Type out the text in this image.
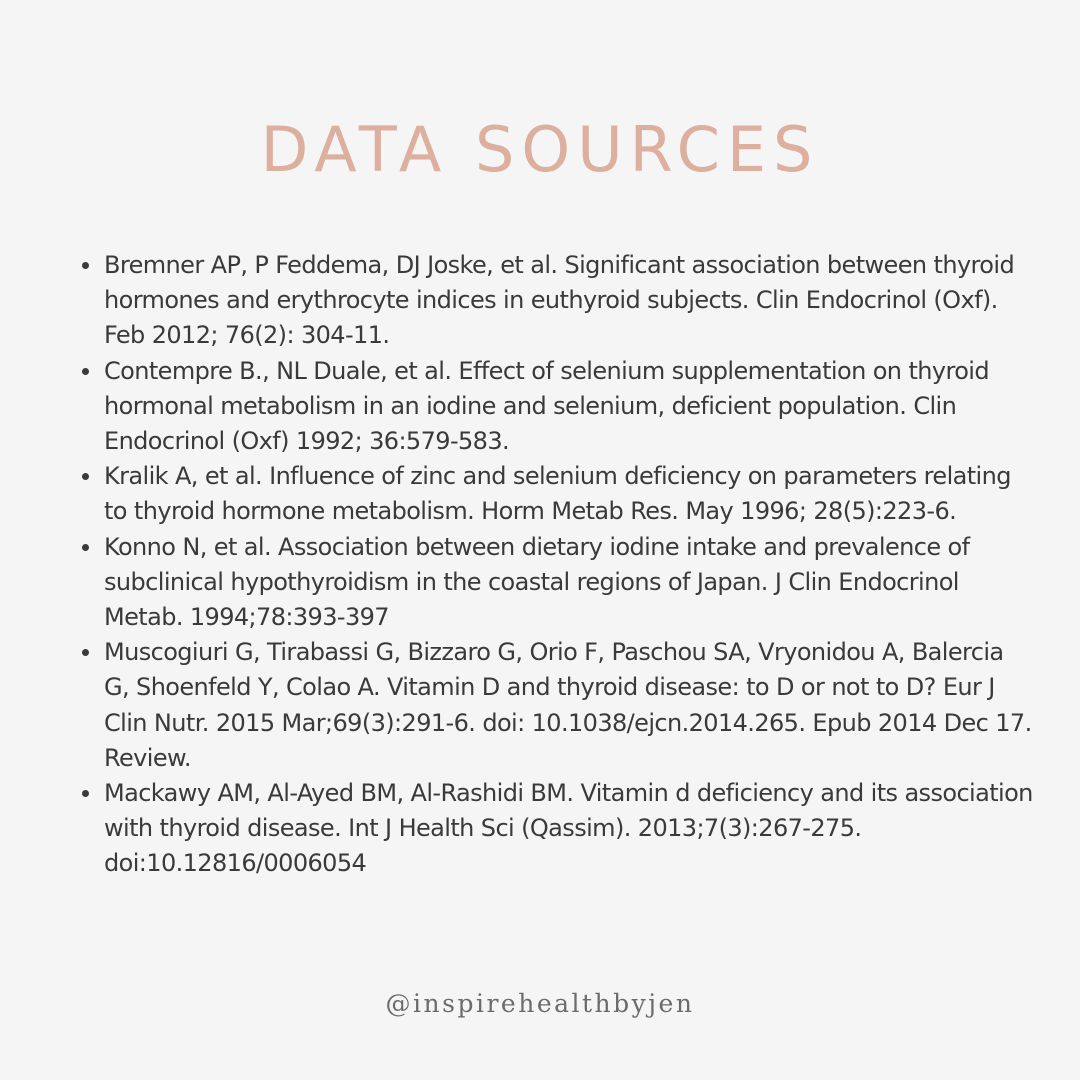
DATA SOURCES
Bremner AP, P Feddema, DJ Joske, et al. Significant association between thyroid hormones and erythrocyte indices in euthyroid subjects. Clin Endocrinol (Oxf). Feb 2012; 76(2): 304-11.
Contempre B., NL Duale, et al. Effect of selenium supplementation on thyroid hormonal metabolism in an iodine and selenium, deficient population. Clin Endocrinol (Oxf) 1992; 36:579-583.
Kralik A, et al. Influence of zinc and selenium deficiency on parameters relating to thyroid hormone metabolism. Horm Metab Res. May 1996; 28(5):223-6.
Konno N, et al. Association between dietary iodine intake and prevalence of subclinical hypothyroidism in the coastal regions of Japan. J Clin Endocrinol Metab. 1994;78:393-397
Muscogiuri G, Tirabassi G, Bizzaro G, Orio F, Paschou SA, Vryonidou A, Balercia G, Shoenfeld Y, Colao A. Vitamin D and thyroid disease: to D or not to D? Eur J Clin Nutr. 2015 Mar;69(3):291-6. doi: 10.1038/ejcn.2014.265. Epub 2014 Dec 17. Review.
Mackawy AM, Al-Ayed BM, Al-Rashidi BM. Vitamin d deficiency and its association with thyroid disease. Int J Health Sci (Qassim). 2013;7(3):267-275. doi:10.12816/0006054
@inspirehealthbyjen
